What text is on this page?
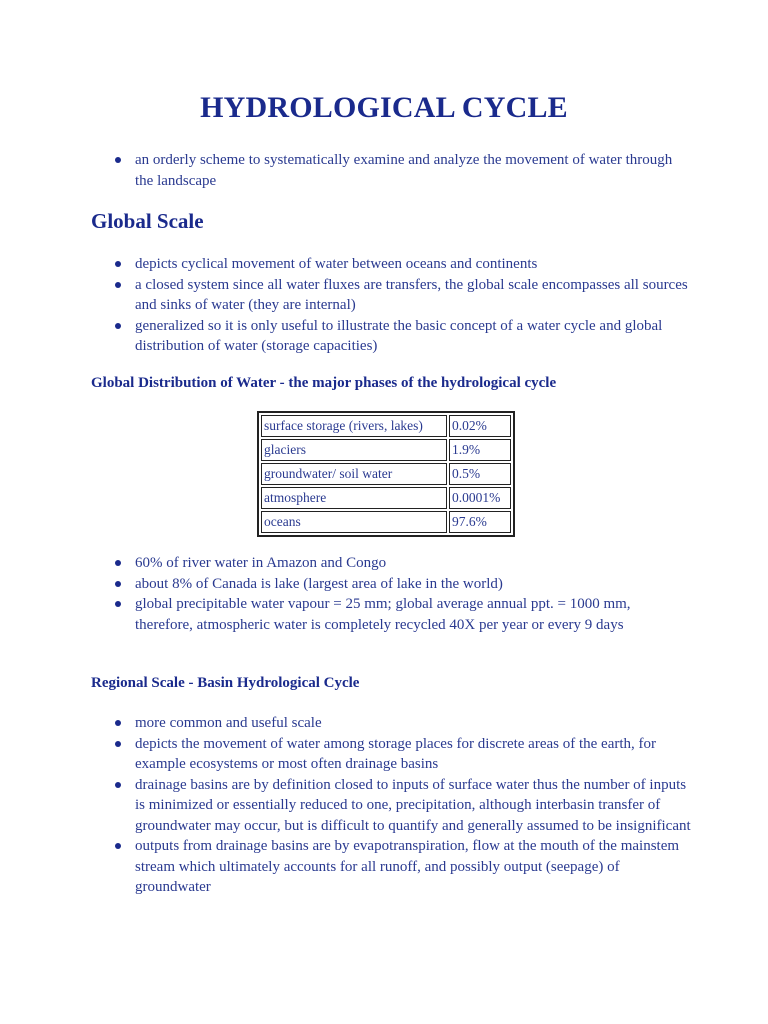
HYDROLOGICAL CYCLE
an orderly scheme to systematically examine and analyze the movement of water through the landscape
Global Scale
depicts cyclical movement of water between oceans and continents
a closed system since all water fluxes are transfers, the global scale encompasses all sources and sinks of water (they are internal)
generalized so it is only useful to illustrate the basic concept of a water cycle and global distribution of water (storage capacities)
Global Distribution of Water - the major phases of the hydrological cycle
surface storage (rivers, lakes)	0.02%
glaciers	1.9%
groundwater/ soil water	0.5%
atmosphere	0.0001%
oceans	97.6%
60% of river water in Amazon and Congo
about 8% of Canada is lake (largest area of lake in the world)
global precipitable water vapour = 25 mm; global average annual ppt. = 1000 mm, therefore, atmospheric water is completely recycled 40X per year or every 9 days
Regional Scale - Basin Hydrological Cycle
more common and useful scale
depicts the movement of water among storage places for discrete areas of the earth, for example ecosystems or most often drainage basins
drainage basins are by definition closed to inputs of surface water thus the number of inputs is minimized or essentially reduced to one, precipitation, although interbasin transfer of groundwater may occur, but is difficult to quantify and generally assumed to be insignificant
outputs from drainage basins are by evapotranspiration, flow at the mouth of the mainstem stream which ultimately accounts for all runoff, and possibly output (seepage) of groundwater
